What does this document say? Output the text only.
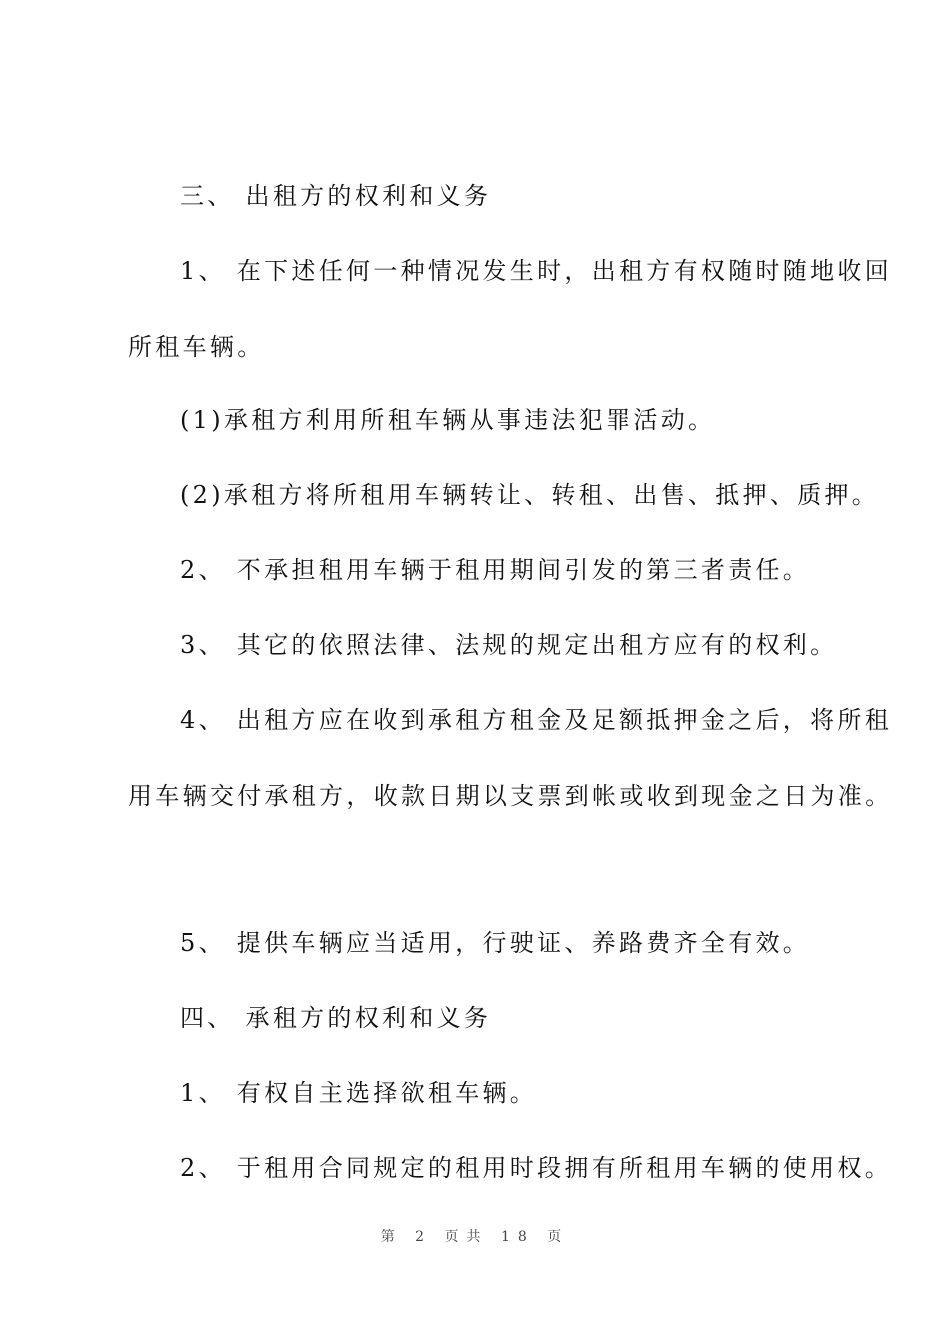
三、 出租方的权利和义务
1、 在下述任何一种情况发生时，出租方有权随时随地收回
所租车辆。
(1)承租方利用所租车辆从事违法犯罪活动。
(2)承租方将所租用车辆转让、转租、出售、抵押、质押。
2、 不承担租用车辆于租用期间引发的第三者责任。
3、 其它的依照法律、法规的规定出租方应有的权利。
4、 出租方应在收到承租方租金及足额抵押金之后，将所租
用车辆交付承租方，收款日期以支票到帐或收到现金之日为准。
5、 提供车辆应当适用，行驶证、养路费齐全有效。
四、 承租方的权利和义务
1、 有权自主选择欲租车辆。
2、 于租用合同规定的租用时段拥有所租用车辆的使用权。
第 2 页共 18 页
